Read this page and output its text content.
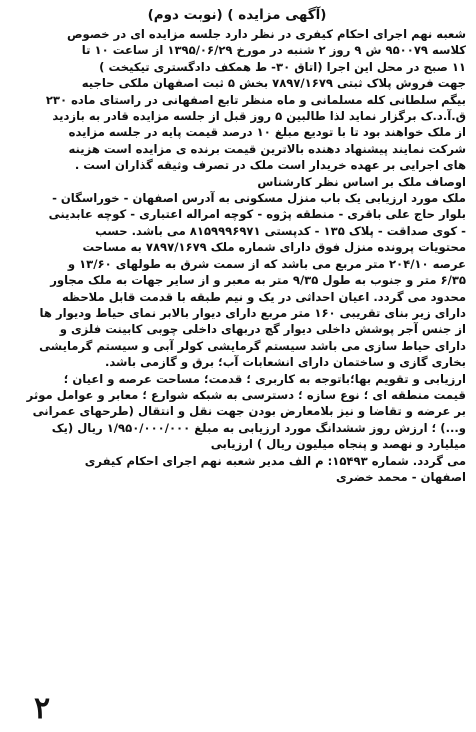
(آگهی مزایده ) (نوبت دوم)
شعبه نهم اجرای احکام کیفری در نظر دارد جلسه مزایده ای در خصوص
کلاسه ۹۵۰۰۷۹ ش ۹ روز ۲ شنبه در مورخ ۱۳۹۵/۰۶/۲۹ از ساعت ۱۰ تا
۱۱ صبح در محل این اجرا (اتاق ۳۰- ط همکف دادگستری تیکیخت )
جهت فروش پلاک ثبتی ۷۸۹۷/۱۶۷۹ بخش ۵ ثبت اصفهان ملکی حاجیه
بیگم سلطانی کله مسلمانی و ماه منظر تابع اصفهانی در راستای ماده ۲۳۰
ق.آ.د.ک برگزار نماید لذا طالبین ۵ روز قبل از جلسه مزایده قادر به بازدید
از ملک خواهند بود تا با تودیع مبلغ ۱۰ درصد قیمت پایه در جلسه مزایده
شرکت نمایند پیشنهاد دهنده بالاترین قیمت برنده ی مزایده است هزینه
های اجرایی بر عهده خریدار است ملک در تصرف وثیقه گذاران است .
اوصاف ملک بر اساس نظر کارشناس
ملک مورد ارزیابی یک باب منزل مسکونی به آدرس اصفهان - خوراسگان -
بلوار حاج علی باقری - منطقه پژوه - کوچه امراله اعتباری - کوچه عابدینی
- کوی صداقت - پلاک ۱۳۵ - کدپستی ۸۱۵۹۹۹۶۹۷۱ می باشد. حسب
محتویات پرونده منزل فوق دارای شماره ملک ۷۸۹۷/۱۶۷۹ به مساحت
عرصه ۲۰۴/۱۰ متر مربع می باشد که از سمت شرق به طولهای ۱۳/۶۰ و
۶/۳۵ متر و جنوب به طول ۹/۳۵ متر به معبر و از سایر جهات به ملک مجاور
محدود می گردد. اعیان احداثی در یک و نیم طبقه با قدمت قابل ملاحظه
دارای زیر بنای تقریبی ۱۶۰ متر مربع دارای دیوار بالابر نمای حیاط ودیوار ها
از جنس آجر پوشش داخلی دیوار گچ دربهای داخلی چوبی کابینت فلزی و
دارای حیاط سازی می باشد سیستم گرمایشی کولر آبی و سیستم گرمایشی
بخاری گازی و ساختمان دارای انشعابات آب؛ برق و گازمی باشد.
ارزیابی و تقویم بها؛باتوجه به کاربری ؛ قدمت؛ مساحت عرصه و اعیان ؛
قیمت منطقه ای ؛ نوع سازه ؛ دسترسی به شبکه شوارع ؛ معابر و عوامل موثر
بر عرضه و تقاضا و نیز بلامعارض بودن جهت نقل و انتقال (طرحهای عمرانی
و...) ؛ ارزش روز ششدانگ مورد ارزیابی به مبلغ ۱/۹۵۰/۰۰۰/۰۰۰ ریال (یک
میلیارد و نهصد و پنجاه میلیون ریال ) ارزیابی
می گردد. شماره ۱۵۴۹۳: م الف مدیر شعبه نهم اجرای احکام کیفری
اصفهان - محمد خضری
۲
